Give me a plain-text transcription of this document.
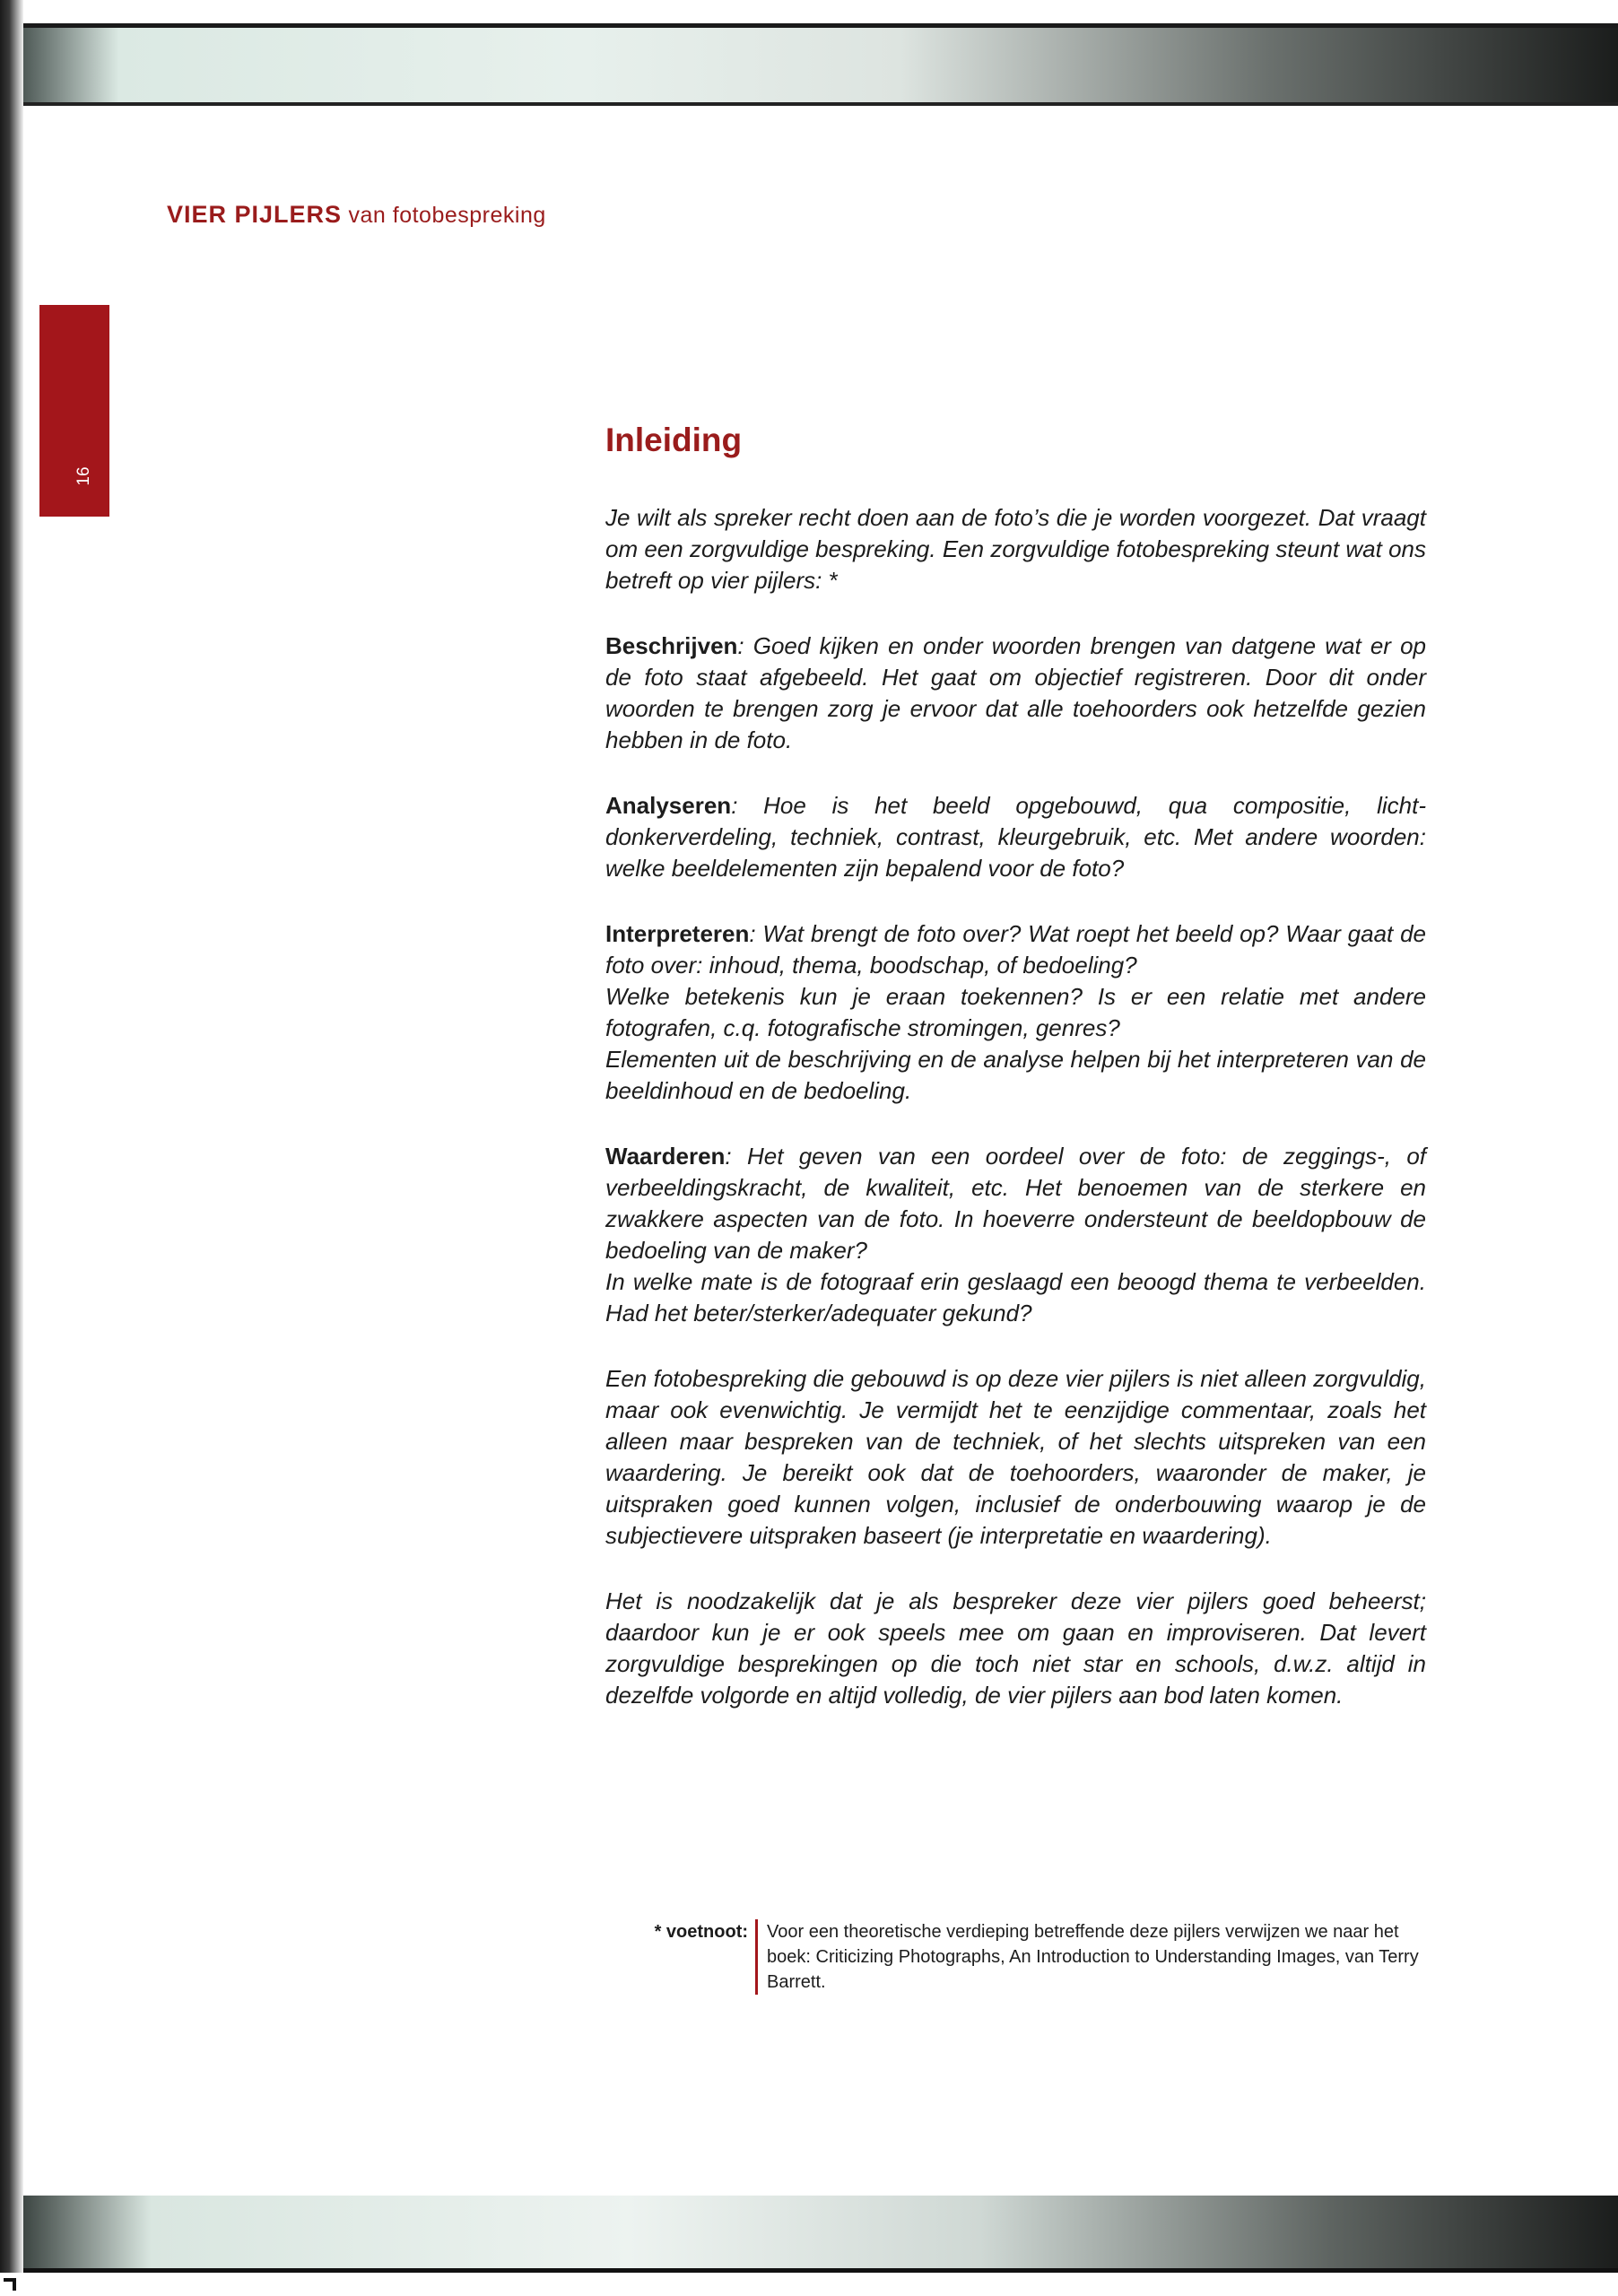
VIER PIJLERS van fotobespreking
16
Inleiding

Je wilt als spreker recht doen aan de foto’s die je worden voorgezet. Dat vraagt om een zorgvuldige bespreking. Een zorgvuldige fotobespreking steunt wat ons betreft op vier pijlers: *

Beschrijven: Goed kijken en onder woorden brengen van datgene wat er op de foto staat afgebeeld. Het gaat om objectief registreren. Door dit onder woorden te brengen zorg je ervoor dat alle toehoorders ook hetzelfde gezien hebben in de foto.

Analyseren: Hoe is het beeld opgebouwd, qua compositie, licht-donkerverdeling, techniek, contrast, kleurgebruik, etc. Met andere woorden: welke beeldelementen zijn bepalend voor de foto?

Interpreteren: Wat brengt de foto over? Wat roept het beeld op? Waar gaat de foto over: inhoud, thema, boodschap, of bedoeling?
Welke betekenis kun je eraan toekennen? Is er een relatie met andere fotografen, c.q. fotografische stromingen, genres?
Elementen uit de beschrijving en de analyse helpen bij het interpreteren van de beeldinhoud en de bedoeling.

Waarderen: Het geven van een oordeel over de foto: de zeggings-, of verbeeldingskracht, de kwaliteit, etc. Het benoemen van de sterkere en zwakkere aspecten van de foto. In hoeverre ondersteunt de beeldopbouw de bedoeling van de maker?
In welke mate is de fotograaf erin geslaagd een beoogd thema te verbeelden. Had het beter/sterker/adequater gekund?

Een fotobespreking die gebouwd is op deze vier pijlers is niet alleen zorgvuldig, maar ook evenwichtig. Je vermijdt het te eenzijdige commentaar, zoals het alleen maar bespreken van de techniek, of het slechts uitspreken van een waardering. Je bereikt ook dat de toehoorders, waaronder de maker, je uitspraken goed kunnen volgen, inclusief de onderbouwing waarop je de subjectievere uitspraken baseert (je interpretatie en waardering).

Het is noodzakelijk dat je als bespreker deze vier pijlers goed beheerst; daardoor kun je er ook speels mee om gaan en improviseren. Dat levert zorgvuldige besprekingen op die toch niet star en schools, d.w.z. altijd in dezelfde volgorde en altijd volledig, de vier pijlers aan bod laten komen.

* voetnoot:	Voor een theoretische verdieping betreffende deze pijlers verwijzen we naar het boek: Criticizing Photographs, An Introduction to Understanding Images, van Terry Barrett.
